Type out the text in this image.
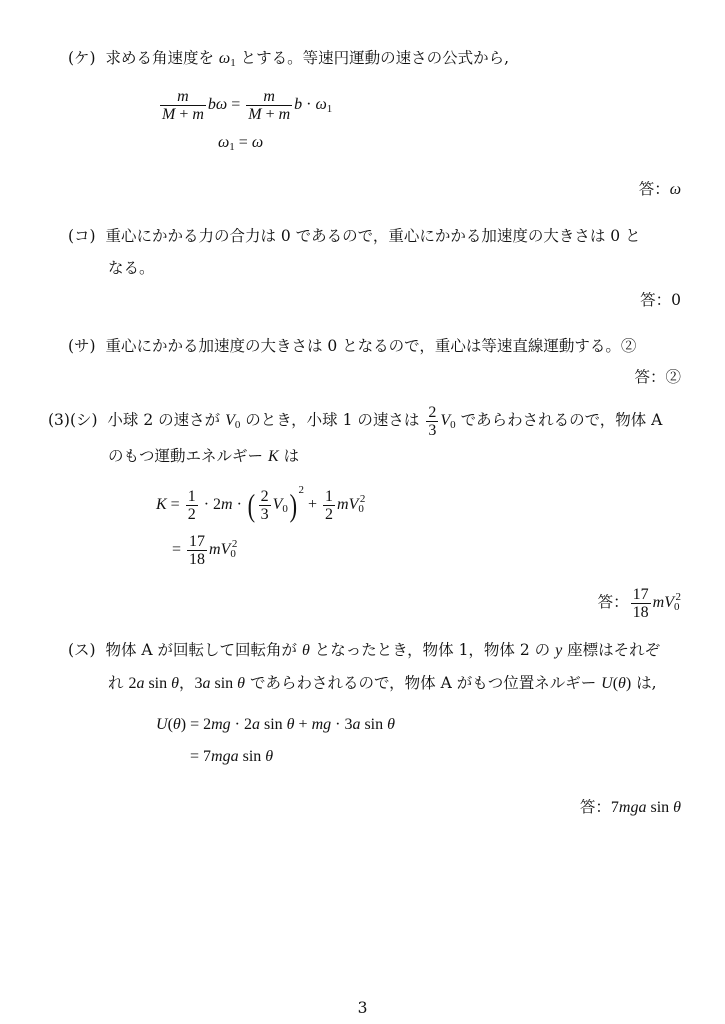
(ケ) 求める角速度を $\omega_1$ とする。等速円運動の速さの公式から,
$\frac{m}{M + m}$ $b\omega = \frac{m}{M + m}$ $b \cdot \omega_1$
$\omega_1 = \omega$
答：ω
(コ) 重心にかかる力の合力は 0 であるので，重心にかかる加速度の大きさは 0 と
なる。
答：0
(サ) 重心にかかる加速度の大きさは 0 となるので，重心は等速直線運動する。②
答：②
(3)(シ) 小球 2 の速さが $V_0$ のとき，小球 1 の速さは $\frac{2}{3} V_0$ であらわされるので，物体 A
のもつ運動エネルギー K は
$K = \frac{1}{2} \cdot 2m$ · ( $\frac{2}{3} V_0$) $^2 + \frac{1}{2} mV_0^2$
= $\frac{17}{18} mV_0^2$
答： $\frac{17}{18} mV_0^2$
(ス) 物体 A が回転して回転角が θ となったとき，物体 1，物体 2 の y 座標はそれぞ
れ 2a sin θ，3a sin θ であらわされるので，物体 A がもつ位置ネルギー U(θ) は,
U(θ) = 2mg · 2a sin θ + mg · 3a sin θ
= 7mga sin θ
答：7mga sin θ
3
